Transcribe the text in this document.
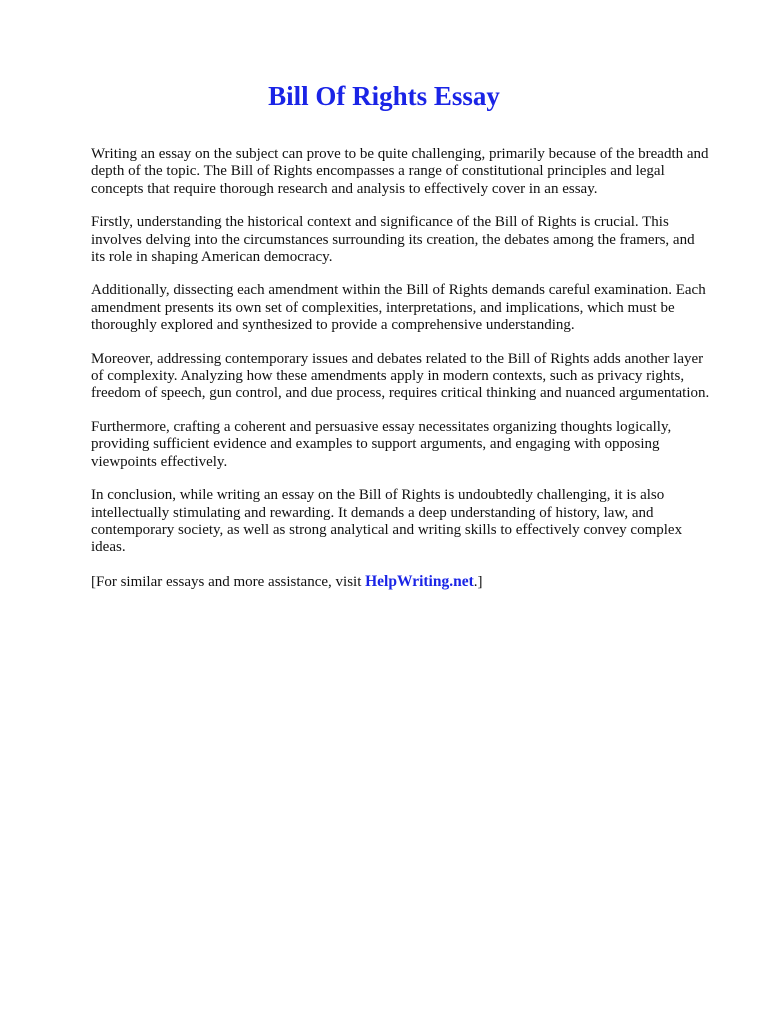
Bill Of Rights Essay

Writing an essay on the subject can prove to be quite challenging, primarily because of the breadth and depth of the topic. The Bill of Rights encompasses a range of constitutional principles and legal concepts that require thorough research and analysis to effectively cover in an essay.

Firstly, understanding the historical context and significance of the Bill of Rights is crucial. This involves delving into the circumstances surrounding its creation, the debates among the framers, and its role in shaping American democracy.

Additionally, dissecting each amendment within the Bill of Rights demands careful examination. Each amendment presents its own set of complexities, interpretations, and implications, which must be thoroughly explored and synthesized to provide a comprehensive understanding.

Moreover, addressing contemporary issues and debates related to the Bill of Rights adds another layer of complexity. Analyzing how these amendments apply in modern contexts, such as privacy rights, freedom of speech, gun control, and due process, requires critical thinking and nuanced argumentation.

Furthermore, crafting a coherent and persuasive essay necessitates organizing thoughts logically, providing sufficient evidence and examples to support arguments, and engaging with opposing viewpoints effectively.

In conclusion, while writing an essay on the Bill of Rights is undoubtedly challenging, it is also intellectually stimulating and rewarding. It demands a deep understanding of history, law, and contemporary society, as well as strong analytical and writing skills to effectively convey complex ideas.

[For similar essays and more assistance, visit HelpWriting.net.]
